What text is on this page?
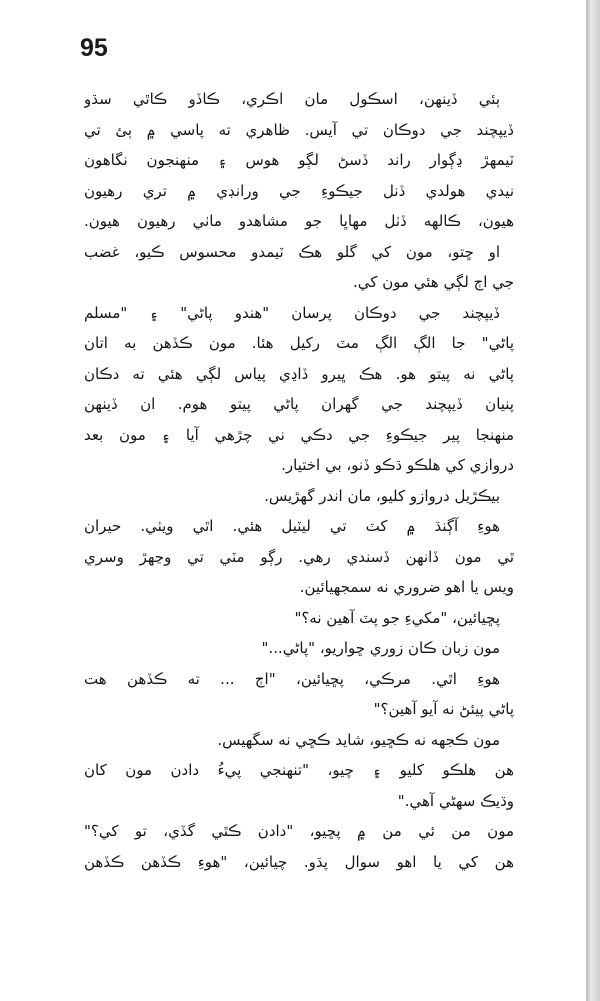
95
ٻئي ڏينهن، اسڪول مان اڪري، ڪاڏو ڪاٿي سڌو
ڏيپچند جي دوڪان تي آيس. ظاهري ته پاسي ۾ ٻئ تي
ٽيمهڙ ڍڳوار راند ڏسڻ لڳو هوس ۽ منهنجون نگاهون
نيدي هولدي ڏنل جيڪوءِ جي ورانڊي ۾ تري رهيون
هيون، ڪالهه ڏٺل مهاڀا جو مشاهدو ماٺي رهيون هيون.
او ڇتو، مون کي گلو هڪ ٽيمدو محسوس ڪيو، غضب
جي اڄ لڳي هئي مون کي.
ڏيپچند جي دوڪان پرسان "هندو پاڻي" ۽ "مسلم
پاڻي" جا الڳ الڳ مٽ رکيل هئا. مون ڪڏهن به اتان
پاڻي نه پيتو هو. هڪ ڀيرو ڏاڍي پياس لڳي هئي ته دڪان
پنيان ڏيپچند جي گهران پاڻي پيتو هوم. ان ڏينهن
منهنجا پير جيڪوءِ جي دڪي ني چڙهي آيا ۽ مون بعد
دروازي کي هلڪو ڌڪو ڏنو، بي اختيار.
بيڪڙيل دروازو کليو، مان اندر گهڙيس.
هوءِ آڳنڌ ۾ کٽ تي ليٽيل هئي. اٿي ويٺي. حيران
ٿي مون ڏانهن ڏسندي رهي. رڳو مٽي تي وڃهڙ وسري
ويس يا اهو ضروري نه سمجهيائين.
پڇيائين، "مکيءِ جو پٽ آهين نه؟"
مون زبان ڪان زوري ڇواريو، "پاڻي..."
هوءِ اٿي. مرڪي، پڇيائين، "اڄ ... ته ڪڏهن هت
پاڻي پيئڻ نه آيو آهين؟"
مون ڪجهه نه ڪڇيو، شايد ڪڇي نه سگهيس.
هن هلڪو کليو ۽ چيو، "تنهنجي پيءُ دادن مون کان
وڌيڪ سهڻي آهي."
مون من ئي من ۾ پڇيو، "دادن ڪٿي گڏي، تو کي؟"
هن کي يا اهو سوال پڌو. چيائين، "هوءِ ڪڏهن ڪڏهن
